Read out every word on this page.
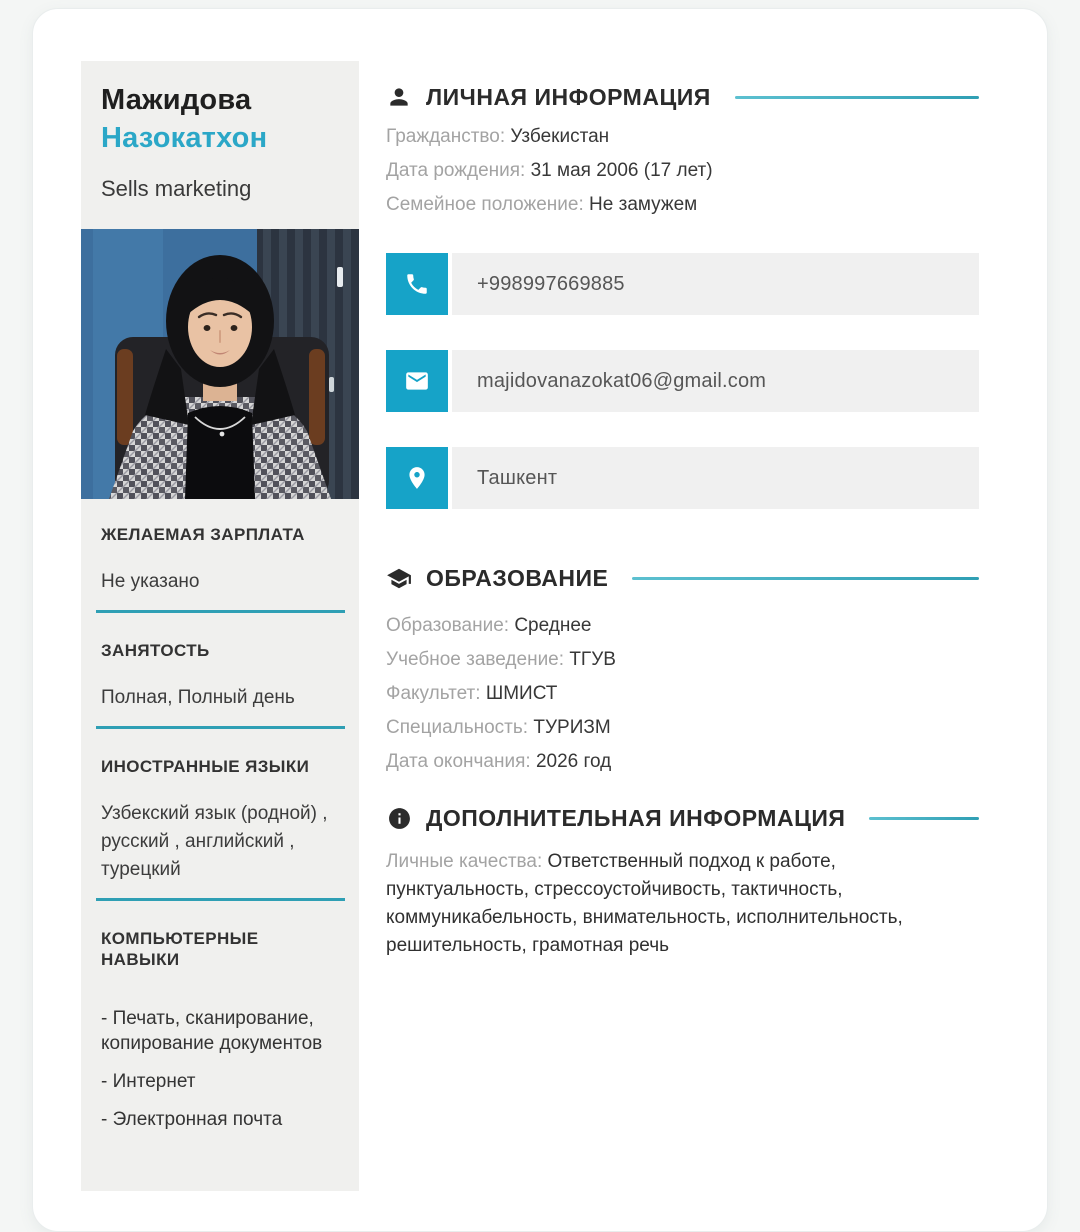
Мажидова
Назокатхон
Sells marketing
ЖЕЛАЕМАЯ ЗАРПЛАТА
Не указано
ЗАНЯТОСТЬ
Полная, Полный день
ИНОСТРАННЫЕ ЯЗЫКИ
Узбекский язык (родной) , русский , английский , турецкий
КОМПЬЮТЕРНЫЕ НАВЫКИ
- Печать, сканирование, копирование документов
- Интернет
- Электронная почта
ЛИЧНАЯ ИНФОРМАЦИЯ
Гражданство: Узбекистан
Дата рождения: 31 мая 2006 (17 лет)
Семейное положение: Не замужем
+998997669885
majidovanazokat06@gmail.com
Ташкент
ОБРАЗОВАНИЕ
Образование: Среднее
Учебное заведение: ТГУВ
Факультет: ШМИСТ
Специальность: ТУРИЗМ
Дата окончания: 2026 год
ДОПОЛНИТЕЛЬНАЯ ИНФОРМАЦИЯ

Личные качества: Ответственный подход к работе, пунктуальность, стрессоустойчивость, тактичность, коммуникабельность, внимательность, исполнительность, решительность, грамотная речь
